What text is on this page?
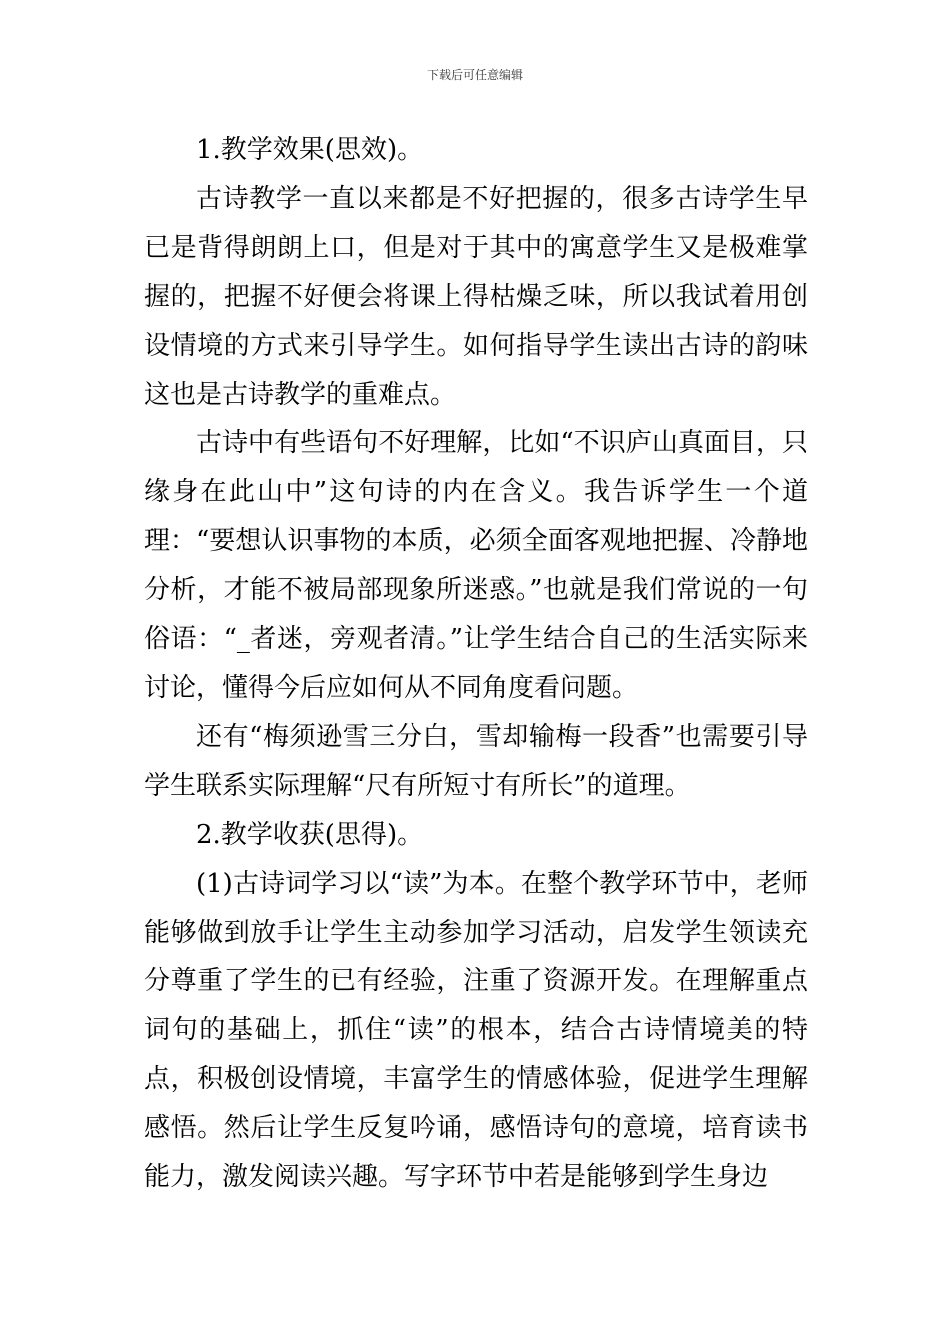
下载后可任意编辑

1.教学效果(思效)。

古诗教学一直以来都是不好把握的，很多古诗学生早已是背得朗朗上口，但是对于其中的寓意学生又是极难掌握的，把握不好便会将课上得枯燥乏味，所以我试着用创设情境的方式来引导学生。如何指导学生读出古诗的韵味这也是古诗教学的重难点。

古诗中有些语句不好理解，比如“不识庐山真面目，只缘身在此山中”这句诗的内在含义。我告诉学生一个道理：“要想认识事物的本质，必须全面客观地把握、冷静地分析，才能不被局部现象所迷惑。”也就是我们常说的一句俗语：“_者迷，旁观者清。”让学生结合自己的生活实际来讨论，懂得今后应如何从不同角度看问题。

还有“梅须逊雪三分白，雪却输梅一段香”也需要引导学生联系实际理解“尺有所短寸有所长”的道理。

2.教学收获(思得)。

(1)古诗词学习以“读”为本。在整个教学环节中，老师能够做到放手让学生主动参加学习活动，启发学生领读充分尊重了学生的已有经验，注重了资源开发。在理解重点词句的基础上，抓住“读”的根本，结合古诗情境美的特点，积极创设情境，丰富学生的情感体验，促进学生理解感悟。然后让学生反复吟诵，感悟诗句的意境，培育读书能力，激发阅读兴趣。写字环节中若是能够到学生身边
